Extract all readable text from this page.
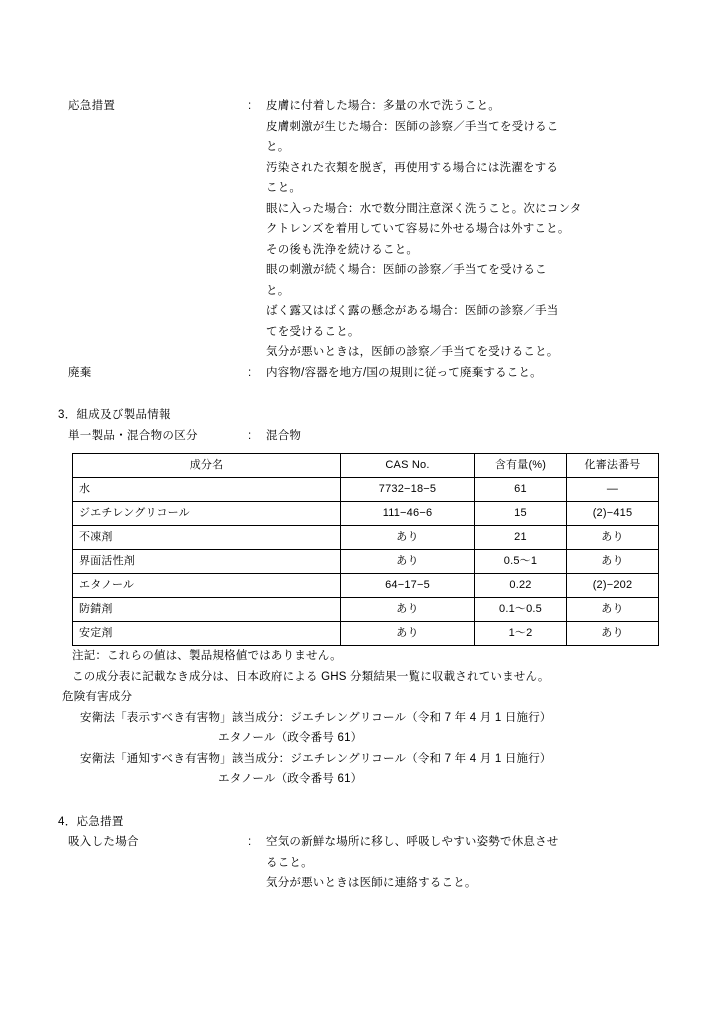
応急措置	:	皮膚に付着した場合：多量の水で洗うこと。

皮膚刺激が生じた場合：医師の診察／手当てを受けるこ

と。

汚染された衣類を脱ぎ，再使用する場合には洗濯をする

こと。

眼に入った場合：水で数分間注意深く洗うこと。次にコンタ

クトレンズを着用していて容易に外せる場合は外すこと。

その後も洗浄を続けること。

眼の刺激が続く場合：医師の診察／手当てを受けるこ

と。

ばく露又はばく露の懸念がある場合：医師の診察／手当

てを受けること。

気分が悪いときは，医師の診察／手当てを受けること。

廃棄	:	内容物/容器を地方/国の規則に従って廃棄すること。

3．組成及び製品情報
単一製品・混合物の区分	:	混合物
成分名	CAS No.	含有量(%)	化審法番号
水	7732−18−5	61	—
ジエチレングリコール	111−46−6	15	(2)−415
不凍剤	あり	21	あり
界面活性剤	あり	0.5〜1	あり
エタノール	64−17−5	0.22	(2)−202
防錆剤	あり	0.1〜0.5	あり
安定剤	あり	1〜2	あり
注記：これらの値は、製品規格値ではありません。
この成分表に記載なき成分は、日本政府による GHS 分類結果一覧に収載されていません。
危険有害成分
安衛法「表示すべき有害物」該当成分：ジエチレングリコール（令和 7 年 4 月 1 日施行）
エタノール（政令番号 61）
安衛法「通知すべき有害物」該当成分：ジエチレングリコール（令和 7 年 4 月 1 日施行）
エタノール（政令番号 61）
4．応急措置
吸入した場合	:	空気の新鮮な場所に移し、呼吸しやすい姿勢で休息させ

ること。

気分が悪いときは医師に連絡すること。
